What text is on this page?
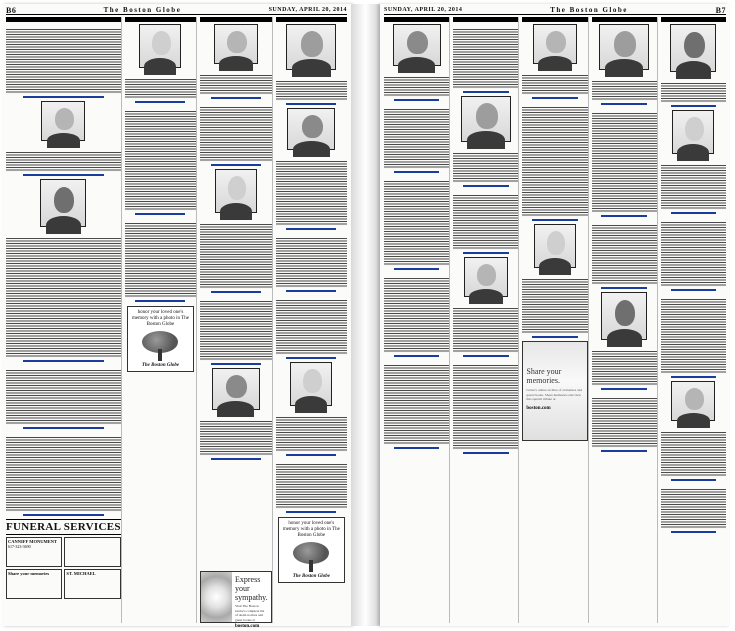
B6	The Boston Globe	SUNDAY, APRIL 20, 2014
FUNERAL SERVICES
CANNIFF MONUMENT
617-323-3690
Share your memories	ST. MICHAEL
honor your loved one's memory with a photo in The Boston Globe
The Boston Globe
Express your sympathy.
Visit The Boston Globe's complete list of death notices and guest books at
boston.com
honor your loved one's memory with a photo in The Boston Globe
The Boston Globe
SUNDAY, APRIL 20, 2014	The Boston Globe	B7
Share your memories.
Globe's online archive of obituaries and guest books. Share memories and view this special tribute at
boston.com
